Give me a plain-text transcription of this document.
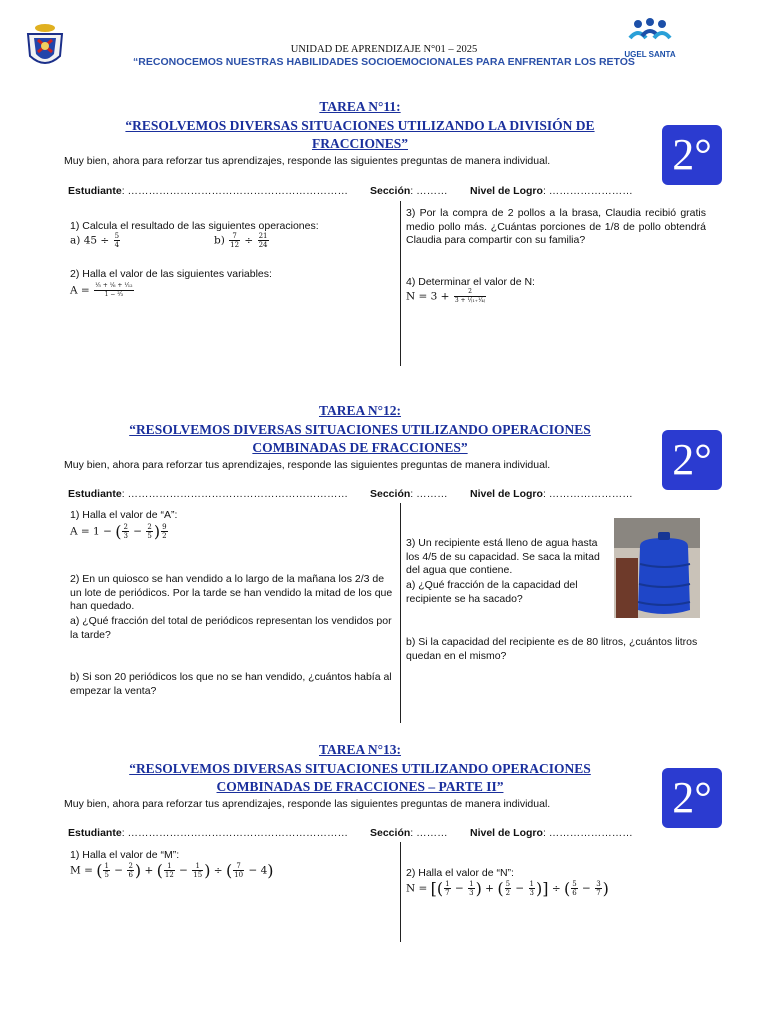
UGEL SANTA
UNIDAD DE APRENDIZAJE N°01 – 2025
“RECONOCEMOS NUESTRAS HABILIDADES SOCIOEMOCIONALES PARA ENFRENTAR LOS RETOS
TAREA N°11:
“RESOLVEMOS DIVERSAS SITUACIONES UTILIZANDO LA DIVISIÓN DE
FRACCIONES”	2°
Muy bien, ahora para reforzar tus aprendizajes, responde las siguientes preguntas de manera individual.
Estudiante: ……………………………………………………… Sección: ……… Nivel de Logro: ……………………
1) Calcula el resultado de las siguientes operaciones:
a) $45 \div \frac{5}{4}$	$b) \frac{7}{12} \div \frac{21}{24}$
2) Halla el valor de las siguientes variables:
$A = \frac{\text{¹⁄₅ + ¹⁄₆ + ¹⁄₁₂}}{\text{1 − ²⁄₃}}$
3) Por la compra de 2 pollos a la brasa, Claudia recibió gratis medio pollo más. ¿Cuántas porciones de 1/8 de pollo obtendrá Claudia para compartir con su familia?
4) Determinar el valor de N:
$N = 3 + \frac{2}{\text{3 + ¹⁄₍₁₊¹⁄₄₎}}$
TAREA N°12:
“RESOLVEMOS DIVERSAS SITUACIONES UTILIZANDO OPERACIONES
COMBINADAS DE FRACCIONES”	2°
Muy bien, ahora para reforzar tus aprendizajes, responde las siguientes preguntas de manera individual.
Estudiante: ……………………………………………………… Sección: ……… Nivel de Logro: ……………………
1) Halla el valor de “A”:
A = 1 − ( $\frac{2}{3} - \frac{2}{5}$ ) $\frac{9}{2}$
2) En un quiosco se han vendido a lo largo de la mañana los 2/3 de un lote de periódicos. Por la tarde se han vendido la mitad de los que han quedado.
a) ¿Qué fracción del total de periódicos representan los vendidos por la tarde?
b) Si son 20 periódicos los que no se han vendido, ¿cuántos había al empezar la venta?
3) Un recipiente está lleno de agua hasta los 4/5 de su capacidad. Se saca la mitad del agua que contiene.
a) ¿Qué fracción de la capacidad del recipiente se ha sacado?
b) Si la capacidad del recipiente es de 80 litros, ¿cuántos litros quedan en el mismo?
TAREA N°13:
“RESOLVEMOS DIVERSAS SITUACIONES UTILIZANDO OPERACIONES
COMBINADAS DE FRACCIONES – PARTE II”	2°
Muy bien, ahora para reforzar tus aprendizajes, responde las siguientes preguntas de manera individual.
Estudiante: ……………………………………………………… Sección: ……… Nivel de Logro: ……………………
1) Halla el valor de “M”:
M = ( $\frac{1}{5} - \frac{2}{6}$ ) + ( $\frac{1}{12} - \frac{1}{15}$ ) ÷ ( $\frac{7}{10} - 4$)	2) Halla el valor de “N”:
N = [( $\frac{1}{7} - \frac{1}{3}$ ) + ( $\frac{5}{2} - \frac{1}{3}$ )] ÷ ( $\frac{5}{6} - \frac{3}{7}$ )
